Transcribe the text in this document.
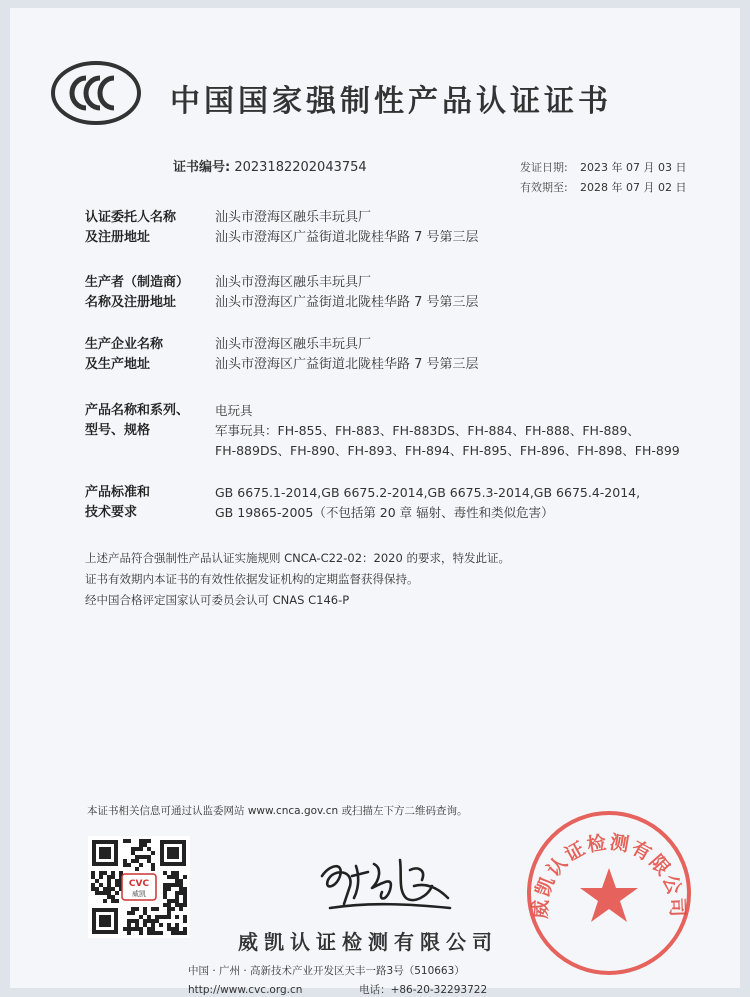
中国国家强制性产品认证证书
证书编号: 2023182202043754	发证日期: 2023 年 07 月 03 日
有效期至: 2028 年 07 月 02 日
认证委托人名称
及注册地址
汕头市澄海区融乐丰玩具厂
汕头市澄海区广益街道北陇桂华路 7 号第三层
生产者（制造商）
名称及注册地址
汕头市澄海区融乐丰玩具厂
汕头市澄海区广益街道北陇桂华路 7 号第三层
生产企业名称
及生产地址
汕头市澄海区融乐丰玩具厂
汕头市澄海区广益街道北陇桂华路 7 号第三层
产品名称和系列、
型号、规格
电玩具
军事玩具：FH-855、FH-883、FH-883DS、FH-884、FH-888、FH-889、
FH-889DS、FH-890、FH-893、FH-894、FH-895、FH-896、FH-898、FH-899
产品标准和
技术要求
GB 6675.1-2014,GB 6675.2-2014,GB 6675.3-2014,GB 6675.4-2014,
GB 19865-2005（不包括第 20 章 辐射、毒性和类似危害）
上述产品符合强制性产品认证实施规则 CNCA-C22-02：2020 的要求，特发此证。
证书有效期内本证书的有效性依据发证机构的定期监督获得保持。
经中国合格评定国家认可委员会认可 CNAS C146-P
本证书相关信息可通过认监委网站 www.cnca.gov.cn 或扫描左下方二维码查询。
CVC
威凯
威凯认证检测有限公司
中国 · 广州 · 高新技术产业开发区天丰一路3号（510663）
http://www.cvc.org.cn	电话：+86-20-32293722
威凯认证检测有限公司
